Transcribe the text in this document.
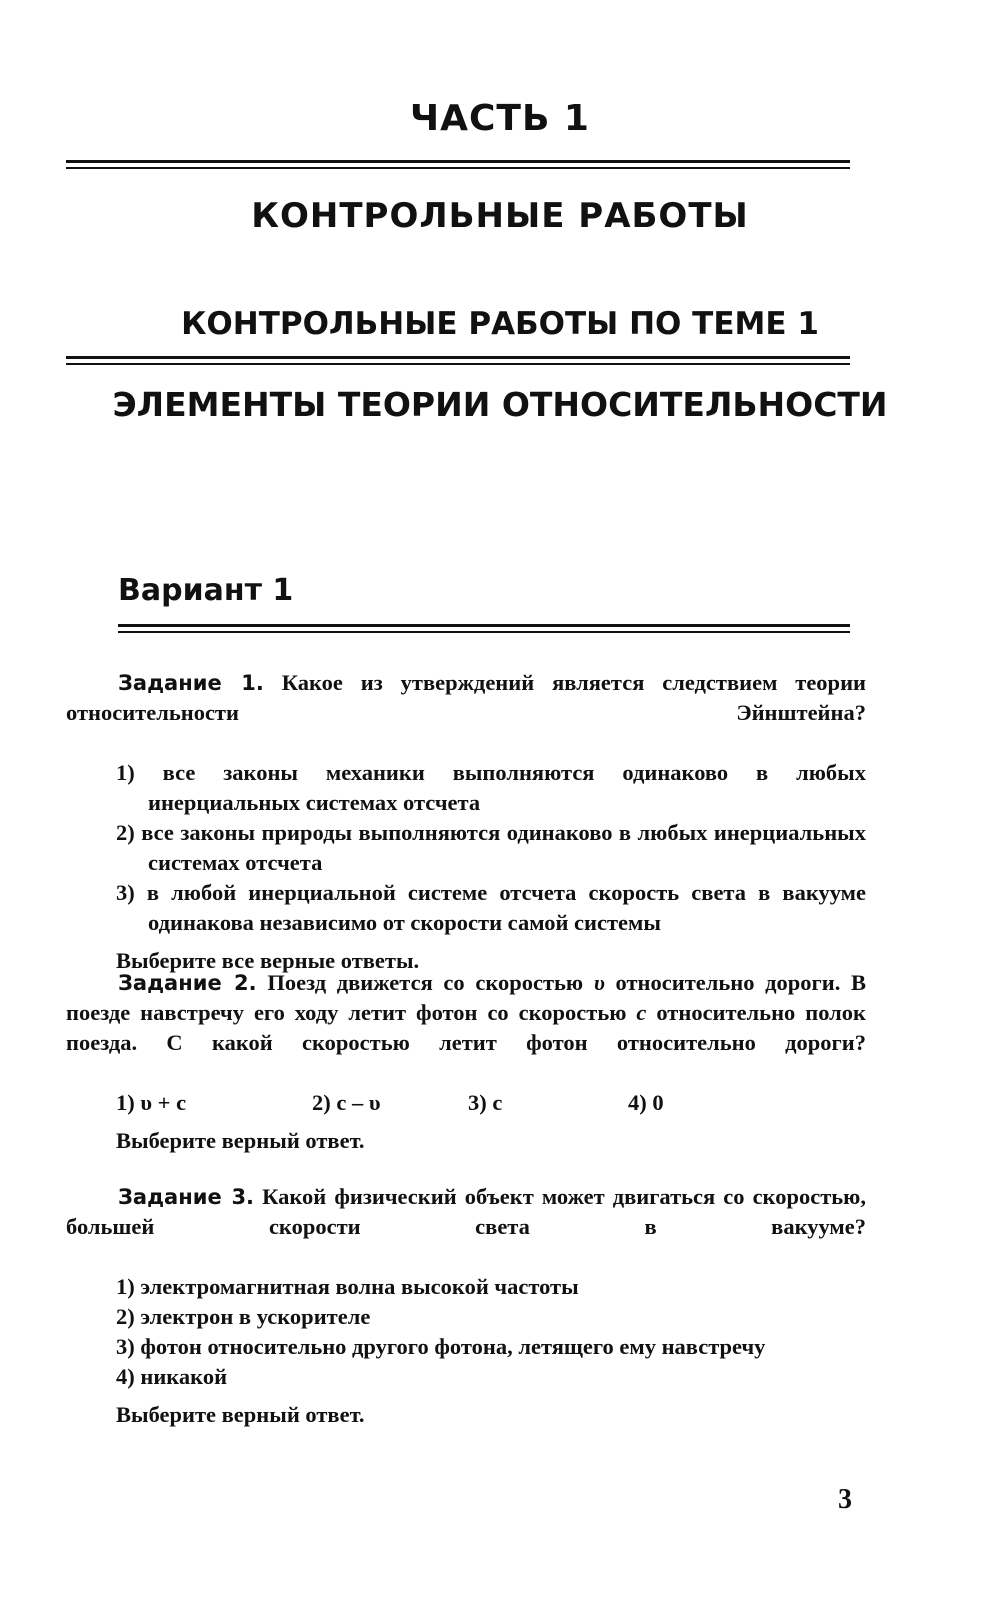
ЧАСТЬ 1
КОНТРОЛЬНЫЕ РАБОТЫ
КОНТРОЛЬНЫЕ РАБОТЫ ПО ТЕМЕ 1
ЭЛЕМЕНТЫ ТЕОРИИ ОТНОСИТЕЛЬНОСТИ
Вариант 1

Задание 1. Какое из утверждений является следствием теории относительности Эйнштейна?

1) все законы механики выполняются одинаково в любых инерциальных системах отсчета

2) все законы природы выполняются одинаково в любых инерциальных системах отсчета

3) в любой инерциальной системе отсчета скорость света в вакууме одинакова независимо от скорости самой системы

Выберите все верные ответы.

Задание 2. Поезд движется со скоростью υ относительно дороги. В поезде навстречу его ходу летит фотон со скоростью c относительно полок поезда. С какой скоростью летит фотон относительно дороги?

1) υ + c	2) c – υ	3) c	4) 0

Выберите верный ответ.

Задание 3. Какой физический объект может двигаться со скоростью, большей скорости света в вакууме?

1) электромагнитная волна высокой частоты

2) электрон в ускорителе

3) фотон относительно другого фотона, летящего ему навстречу

4) никакой

Выберите верный ответ.

3
